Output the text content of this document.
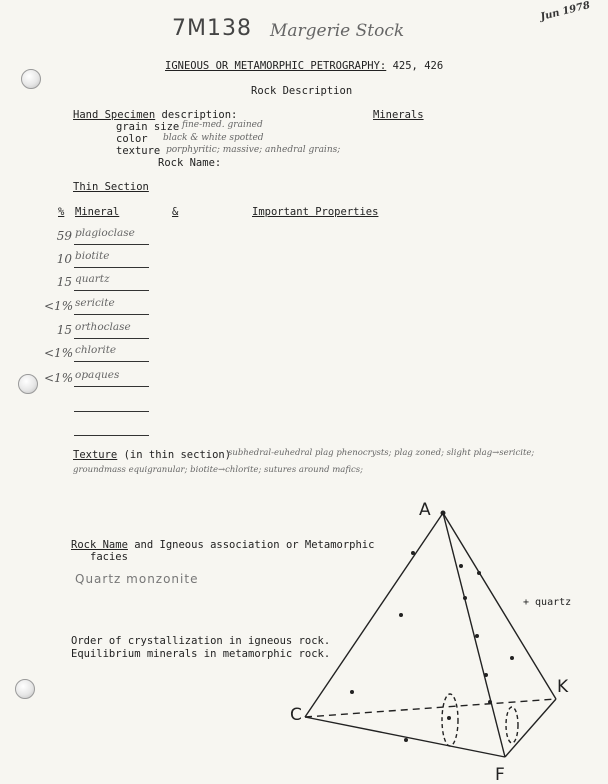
7M138 Margerie Stock
Jun 1978
IGNEOUS OR METAMORPHIC PETROGRAPHY: 425, 426
Rock Description
Hand Specimen description:	Minerals
grain size fine-med. grained
color black & white spotted
texture porphyritic; massive; anhedral grains;
Rock Name:
Thin Section
% Mineral	&	Important Properties
59 plagioclase
10 biotite
15 quartz
<1% sericite
15 orthoclase
<1% chlorite
<1% opaques
Texture (in thin section)
subhedral-euhedral plag phenocrysts; plag zoned; slight plag→sericite;
groundmass equigranular; biotite→chlorite; sutures around mafics;
Rock Name and Igneous association or Metamorphic
facies
Quartz monzonite
Order of crystallization in igneous rock.
Equilibrium minerals in metamorphic rock.
A
C
F
K
+ quartz
